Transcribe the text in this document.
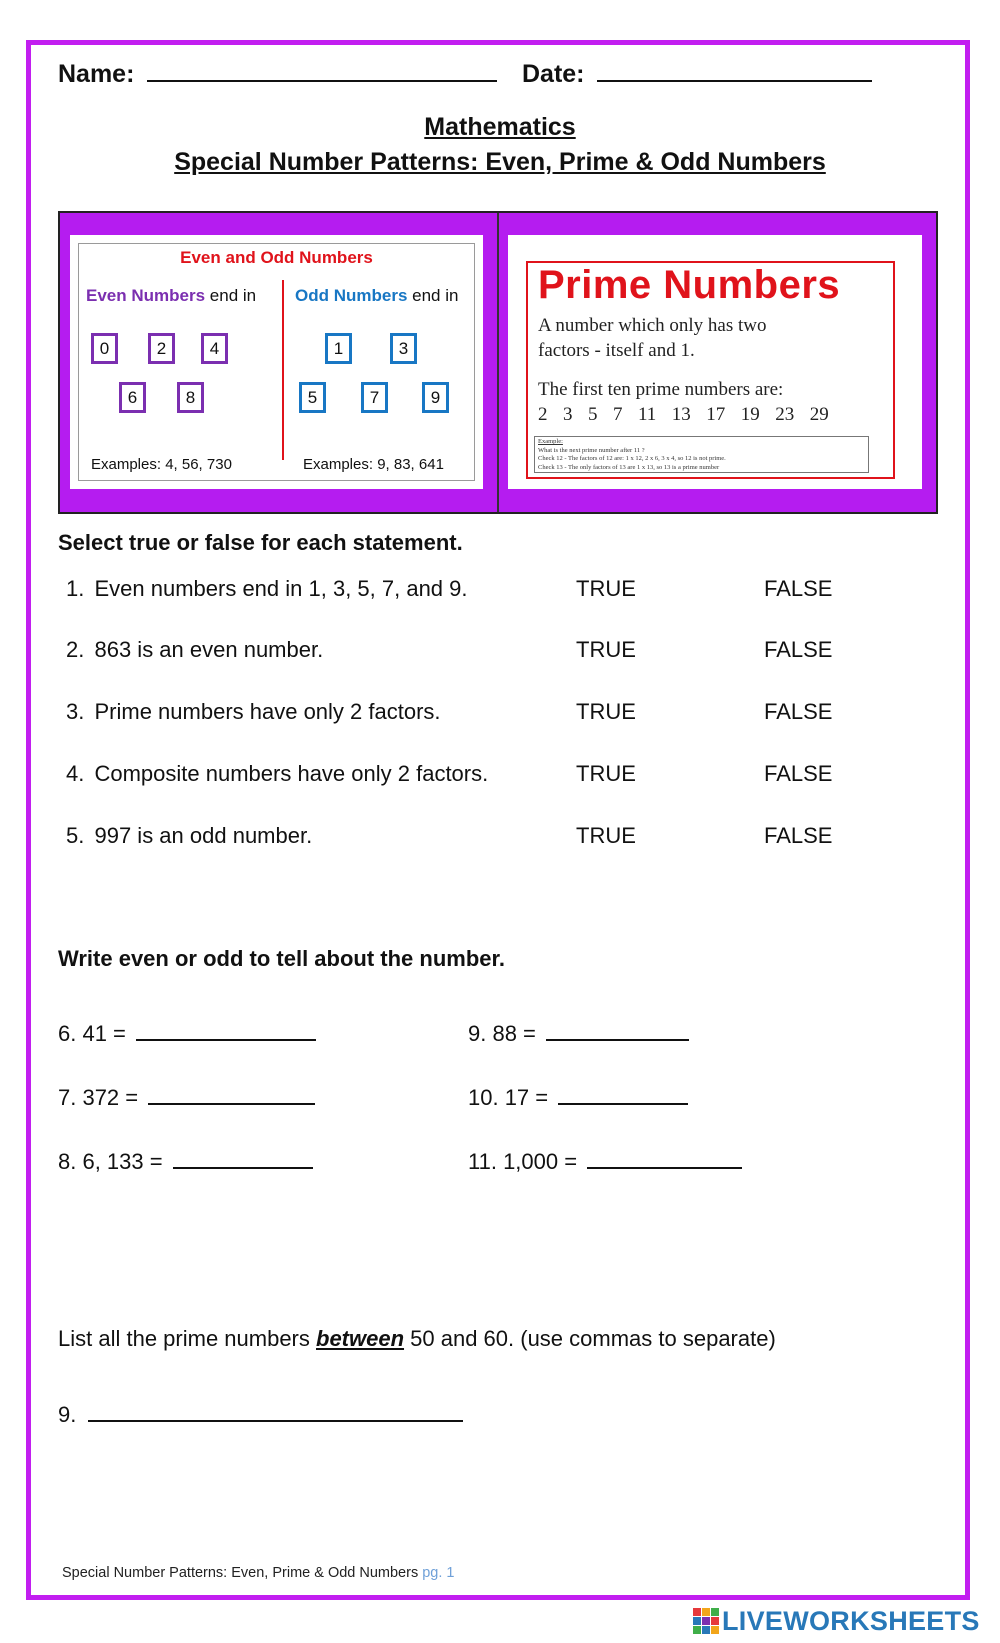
Name:	Date:
Mathematics
Special Number Patterns: Even, Prime & Odd Numbers
Even and Odd Numbers
Even Numbers end in Odd Numbers end in
0	2	4
6	8
1	3
5	7	9
Examples: 4, 56, 730	Examples: 9, 83, 641
Prime Numbers
A number which only has two
factors - itself and 1.
The first ten prime numbers are:
2  3  5  7  11  13  17  19  23  29
Example:
What is the next prime number after 11 ?
Check 12 - The factors of 12 are: 1 x 12, 2 x 6, 3 x 4, so 12 is not prime.
Check 13 - The only factors of 13 are 1 x 13, so 13 is a prime number
Select true or false for each statement.
1. Even numbers end in 1, 3, 5, 7, and 9.	TRUE	FALSE
2. 863 is an even number.	TRUE	FALSE
3. Prime numbers have only 2 factors.	TRUE	FALSE
4. Composite numbers have only 2 factors.	TRUE	FALSE
5. 997 is an odd number.	TRUE	FALSE
Write even or odd to tell about the number.
6. 41 =
7. 372 =
8. 6, 133 =
9. 88 =
10. 17 =
11. 1,000 =
List all the prime numbers between 50 and 60. (use commas to separate)
9.
Special Number Patterns: Even, Prime & Odd Numbers pg. 1
LIVEWORKSHEETS
